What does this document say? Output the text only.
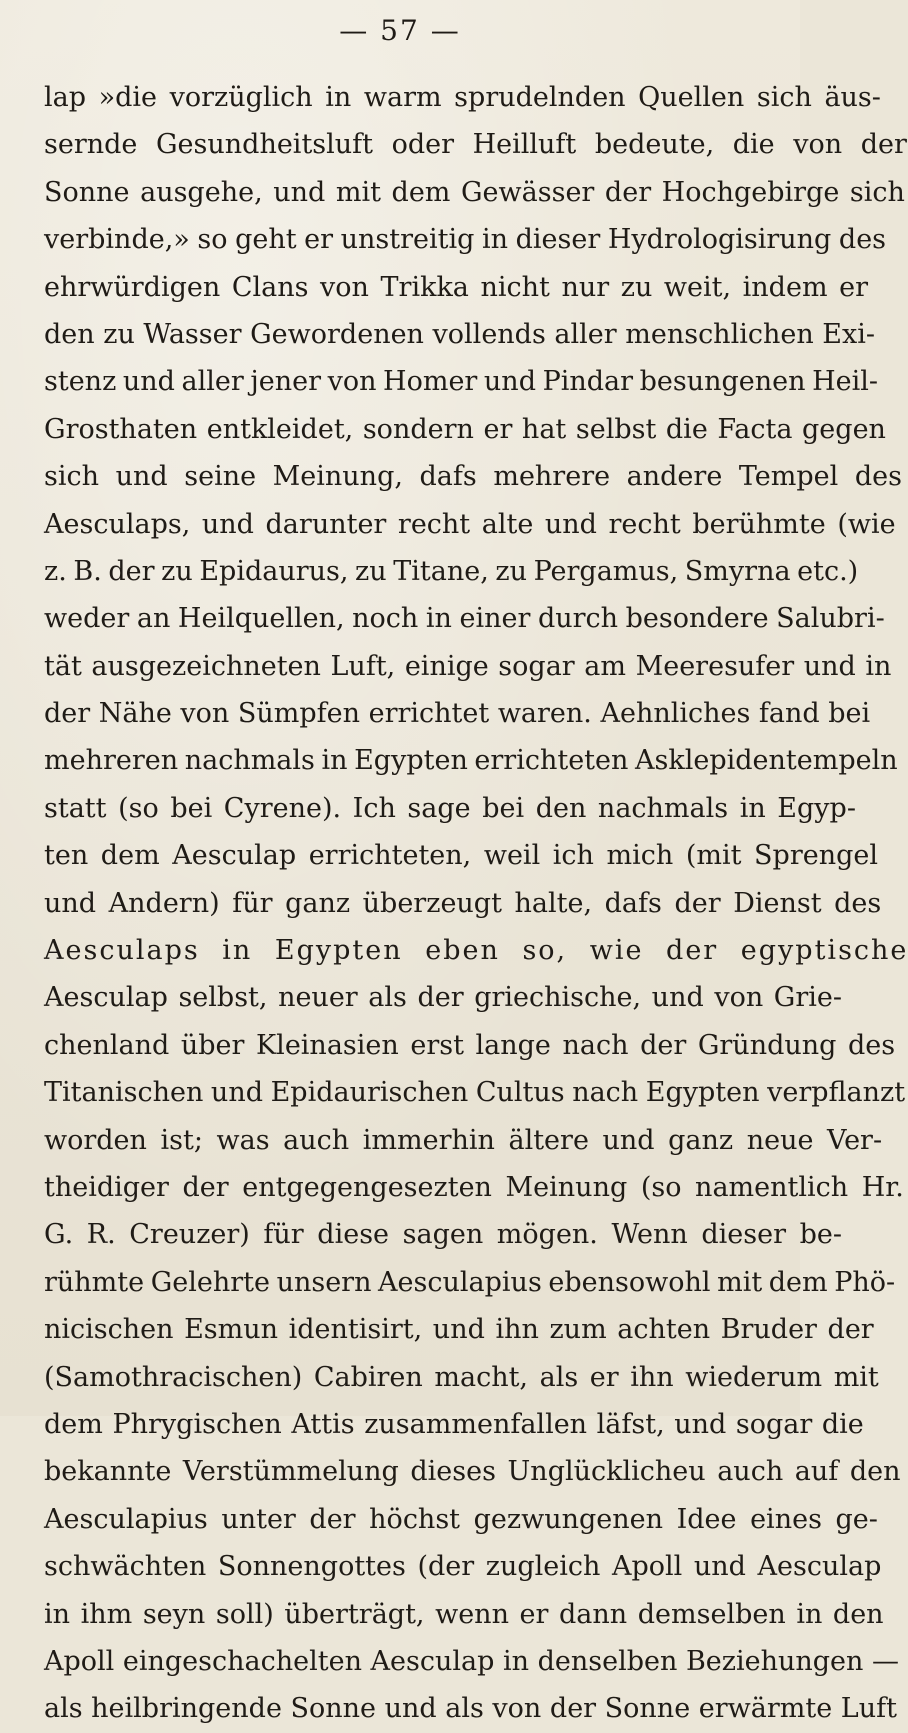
— 57 —
lap »die vorzüglich in warm sprudelnden Quellen sich äus-
sernde Gesundheitsluft oder Heilluft bedeute, die von der
Sonne ausgehe, und mit dem Gewässer der Hochgebirge sich
verbinde,» so geht er unstreitig in dieser Hydrologisirung des
ehrwürdigen Clans von Trikka nicht nur zu weit, indem er
den zu Wasser Gewordenen vollends aller menschlichen Exi-
stenz und aller jener von Homer und Pindar besungenen Heil-
Grosthaten entkleidet, sondern er hat selbst die Facta gegen
sich und seine Meinung, dafs mehrere andere Tempel des
Aesculaps, und darunter recht alte und recht berühmte (wie
z. B. der zu Epidaurus, zu Titane, zu Pergamus, Smyrna etc.)
weder an Heilquellen, noch in einer durch besondere Salubri-
tät ausgezeichneten Luft, einige sogar am Meeresufer und in
der Nähe von Sümpfen errichtet waren. Aehnliches fand bei
mehreren nachmals in Egypten errichteten Asklepidentempeln
statt (so bei Cyrene). Ich sage bei den nachmals in Egyp-
ten dem Aesculap errichteten, weil ich mich (mit Sprengel
und Andern) für ganz überzeugt halte, dafs der Dienst des
Aesculaps in Egypten eben so, wie der egyptische
Aesculap selbst, neuer als der griechische, und von Grie-
chenland über Kleinasien erst lange nach der Gründung des
Titanischen und Epidaurischen Cultus nach Egypten verpflanzt
worden ist; was auch immerhin ältere und ganz neue Ver-
theidiger der entgegengesezten Meinung (so namentlich Hr.
G. R. Creuzer) für diese sagen mögen. Wenn dieser be-
rühmte Gelehrte unsern Aesculapius ebensowohl mit dem Phö-
nicischen Esmun identisirt, und ihn zum achten Bruder der
(Samothracischen) Cabiren macht, als er ihn wiederum mit
dem Phrygischen Attis zusammenfallen läfst, und sogar die
bekannte Verstümmelung dieses Unglücklicheu auch auf den
Aesculapius unter der höchst gezwungenen Idee eines ge-
schwächten Sonnengottes (der zugleich Apoll und Aesculap
in ihm seyn soll) überträgt, wenn er dann demselben in den
Apoll eingeschachelten Aesculap in denselben Beziehungen —
als heilbringende Sonne und als von der Sonne erwärmte Luft
